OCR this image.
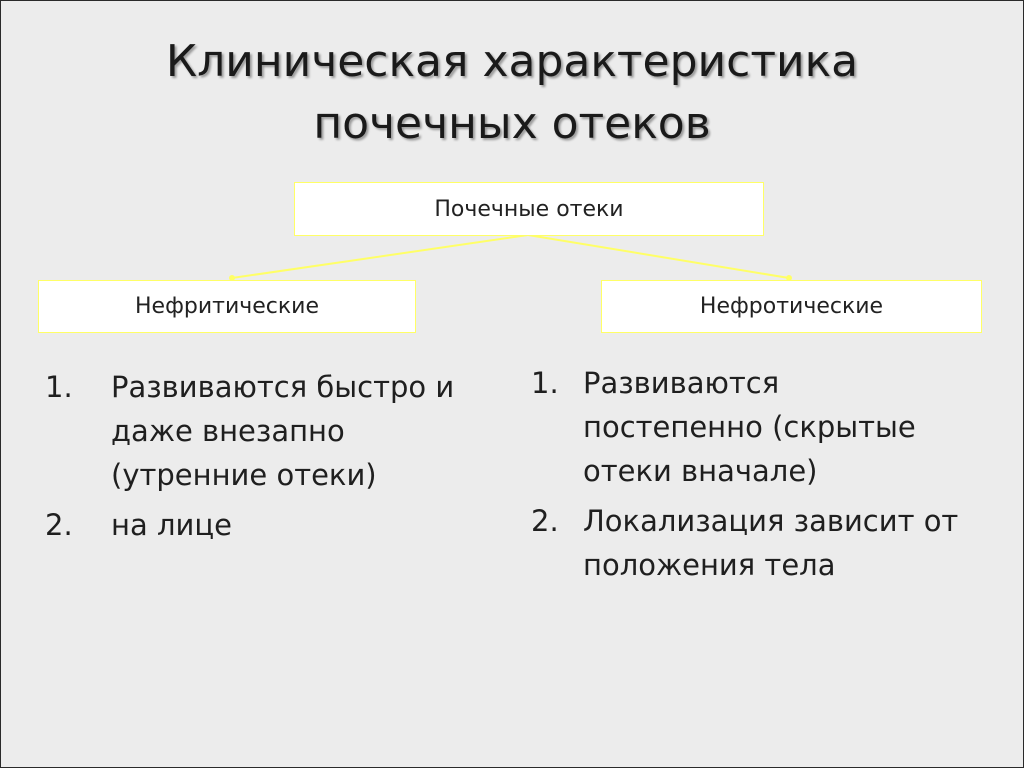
Клиническая характеристика
почечных отеков
Почечные отеки
Нефритические	Нефротические
1.	Развиваются быстро и даже внезапно (утренние отеки)
2.	на лице
1. Развиваются постепенно (скрытые отеки вначале)
2. Локализация зависит от положения тела
